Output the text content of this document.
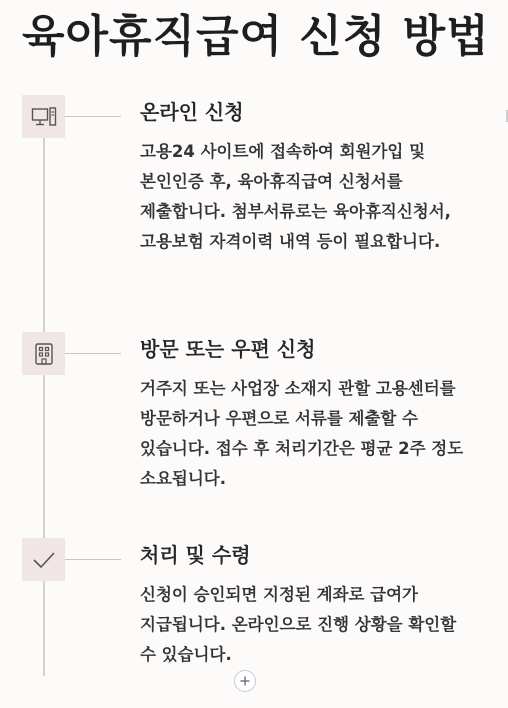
육아휴직급여 신청 방법
온라인 신청

고용24 사이트에 접속하여 회원가입 및 본인인증 후, 육아휴직급여 신청서를 제출합니다. 첨부서류로는 육아휴직신청서, 고용보험 자격이력 내역 등이 필요합니다.

방문 또는 우편 신청

거주지 또는 사업장 소재지 관할 고용센터를 방문하거나 우편으로 서류를 제출할 수 있습니다. 접수 후 처리기간은 평균 2주 정도 소요됩니다.

처리 및 수령

신청이 승인되면 지정된 계좌로 급여가 지급됩니다. 온라인으로 진행 상황을 확인할 수 있습니다.
